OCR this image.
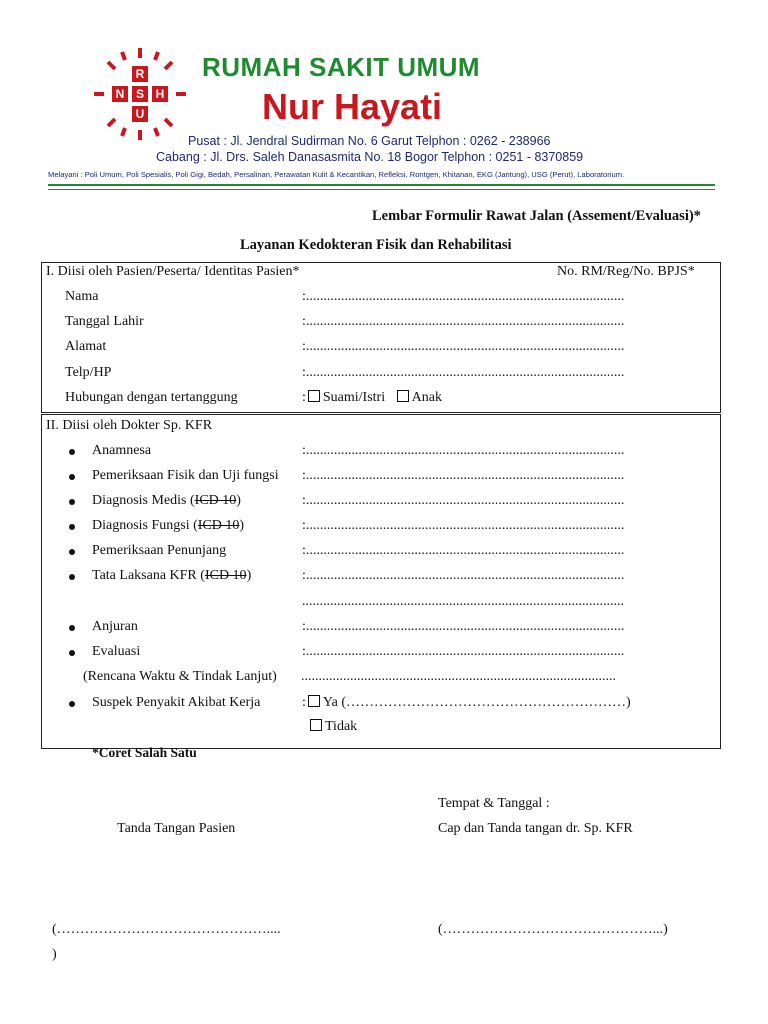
R
N S H
U
RUMAH SAKIT UMUM
Nur Hayati
Pusat : Jl. Jendral Sudirman No. 6 Garut Telphon : 0262 - 238966
Cabang : Jl. Drs. Saleh Danasasmita No. 18 Bogor Telphon : 0251 - 8370859
Melayani : Poli Umum, Poli Spesialis, Poli Gigi, Bedah, Persalinan, Perawatan Kulit & Kecantikan, Refleksi, Rontgen, Khitanan, EKG (Jantung), USG (Perut), Laboratorium.
Lembar Formulir Rawat Jalan (Assement/Evaluasi)*
Layanan Kedokteran Fisik dan Rehabilitasi
I. Diisi oleh Pasien/Peserta/ Identitas Pasien*	No. RM/Reg/No. BPJS*
Nama	:...........................................................................................
Tanggal Lahir	:...........................................................................................
Alamat	:...........................................................................................
Telp/HP	:...........................................................................................
Hubungan dengan tertanggung	: Suami/Istri Anak
II. Diisi oleh Dokter Sp. KFR
Anamnesa	:...........................................................................................
Pemeriksaan Fisik dan Uji fungsi :...........................................................................................
Diagnosis Medis (ICD 10)	:...........................................................................................
Diagnosis Fungsi (ICD 10)	:...........................................................................................
Pemeriksaan Penunjang	:...........................................................................................
Tata Laksana KFR (ICD 10)	:...........................................................................................
............................................................................................
Anjuran	:...........................................................................................
Evaluasi	:...........................................................................................
(Rencana Waktu & Tindak Lanjut) ..........................................................................................
Suspek Penyakit Akibat Kerja	: Ya (……………………………………………………)
Tidak
*Coret Salah Satu
Tempat & Tanggal :
Tanda Tangan Pasien	Cap dan Tanda tangan dr. Sp. KFR
(………………………………………....
)
(………………………………………...)
